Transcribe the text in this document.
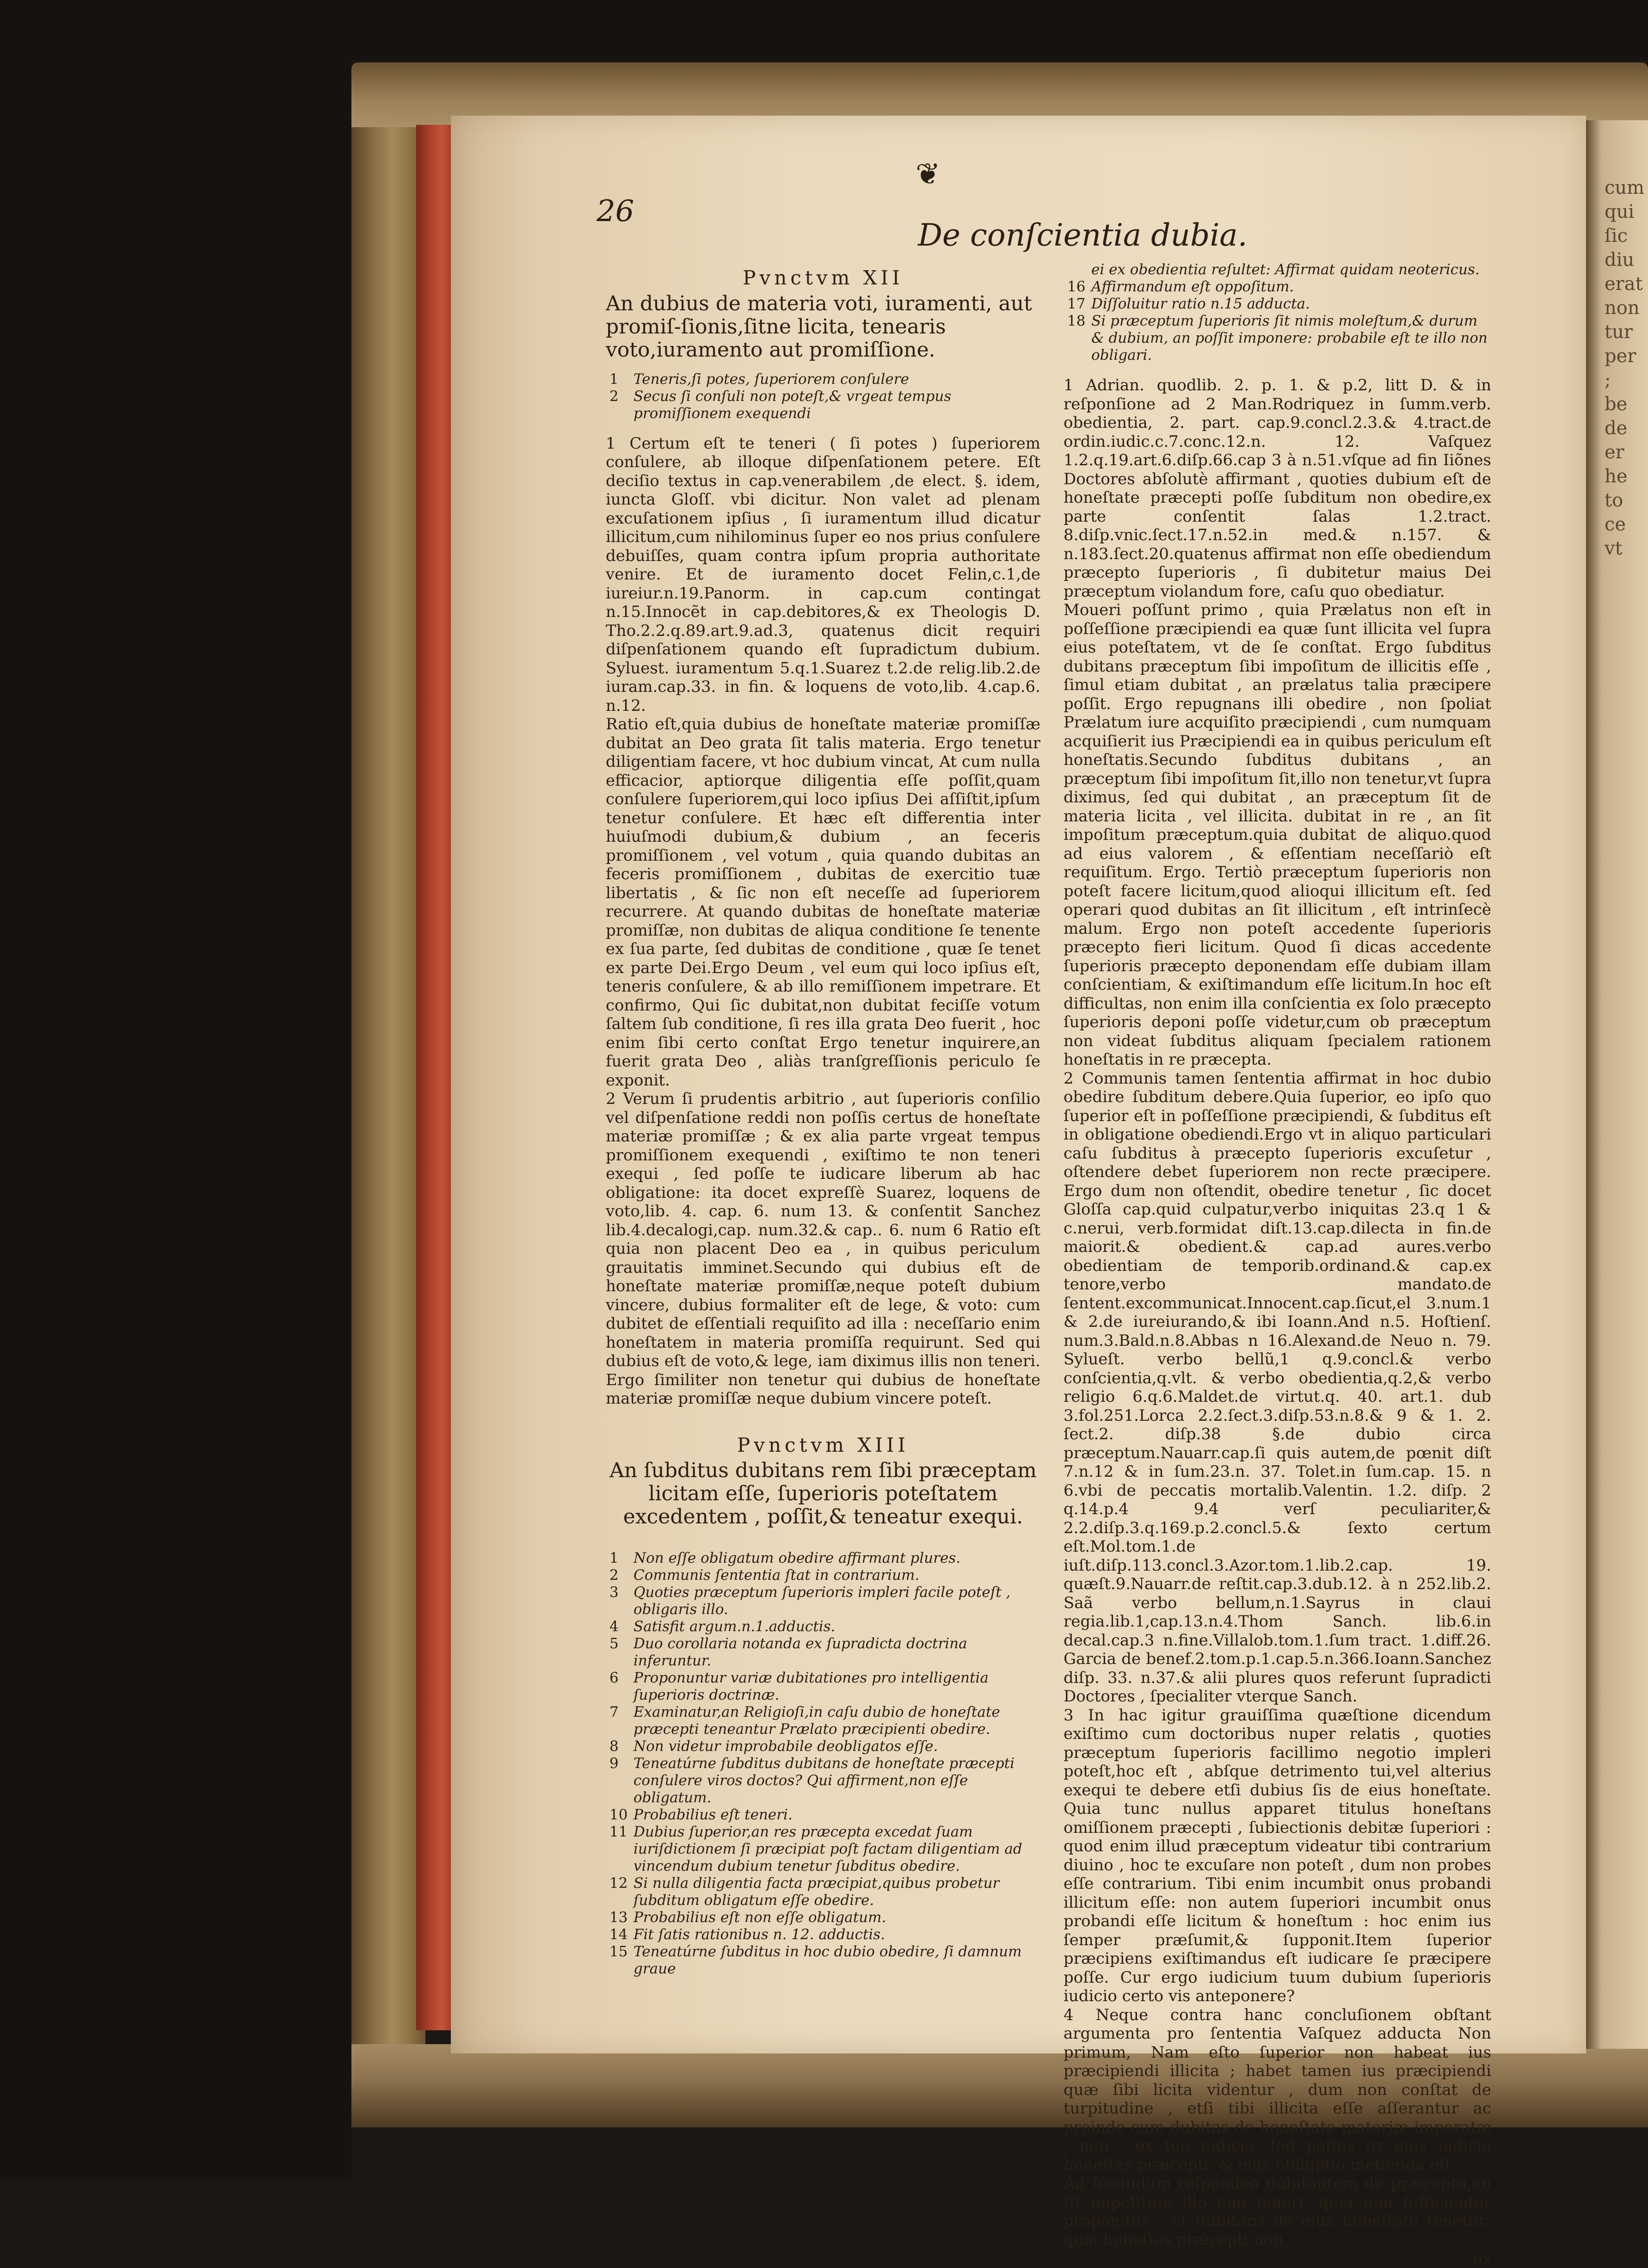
cum
qui
ſic
diu
erat
non
tur
per
;
be
de
er
he
to
ce
vt
❦
26
De conſcientia dubia.
Pvnctvm XII
An dubius de materia voti, iuramenti, aut promiſ-ſionis,ſitne licita, tenearis voto,iuramento aut promiſſione.

1 Teneris,ſi potes, ſuperiorem conſulere

2 Secus ſi conſuli non poteſt,& vrgeat tempus promiſſionem exequendi

1 Certum eſt te teneri ( ſi potes ) ſuperiorem conſulere, ab illoque diſpenſationem petere. Eſt deciſio textus in cap.venerabilem ,de elect. §. idem, iuncta Gloſſ. vbi dicitur. Non valet ad plenam excuſationem ipſius , ſi iuramentum illud dicatur illicitum,cum nihilominus ſuper eo nos prius conſulere debuiſſes, quam contra ipſum propria authoritate venire. Et de iuramento docet Felin,c.1,de iureiur.n.19.Panorm. in cap.cum contingat n.15.Innocẽt in cap.debitores,& ex Theologis D. Tho.2.2.q.89.art.9.ad.3, quatenus dicit requiri diſpenſationem quando eſt ſupradictum dubium. Syluest. iuramentum 5.q.1.Suarez t.2.de relig.lib.2.de iuram.cap.33. in fin. & loquens de voto,lib. 4.cap.6. n.12.

Ratio eſt,quia dubius de honeſtate materiæ promiſſæ dubitat an Deo grata ſit talis materia. Ergo tenetur diligentiam facere, vt hoc dubium vincat, At cum nulla efficacior, aptiorque diligentia eſſe poſſit,quam conſulere ſuperiorem,qui loco ipſius Dei aſſiſtit,ipſum tenetur conſulere. Et hæc eſt differentia inter huiuſmodi dubium,& dubium , an feceris promiſſionem , vel votum , quia quando dubitas an feceris promiſſionem , dubitas de exercitio tuæ libertatis , & ſic non eſt neceſſe ad ſuperiorem recurrere. At quando dubitas de honeſtate materiæ promiſſæ, non dubitas de aliqua conditione ſe tenente ex ſua parte, ſed dubitas de conditione , quæ ſe tenet ex parte Dei.Ergo Deum , vel eum qui loco ipſius eſt, teneris conſulere, & ab illo remiſſionem impetrare. Et confirmo, Qui ſic dubitat,non dubitat feciſſe votum ſaltem ſub conditione, ſi res illa grata Deo fuerit , hoc enim ſibi certo conſtat Ergo tenetur inquirere,an fuerit grata Deo , aliàs tranſgreſſionis periculo ſe exponit.

2 Verum ſi prudentis arbitrio , aut ſuperioris conſilio vel diſpenſatione reddi non poſſis certus de honeſtate materiæ promiſſæ ; & ex alia parte vrgeat tempus promiſſionem exequendi , exiſtimo te non teneri exequi , ſed poſſe te iudicare liberum ab hac obligatione: ita docet expreſſè Suarez, loquens de voto,lib. 4. cap. 6. num 13. & conſentit Sanchez lib.4.decalogi,cap. num.32.& cap.. 6. num 6 Ratio eſt quia non placent Deo ea , in quibus periculum grauitatis imminet.Secundo qui dubius eſt de honeſtate materiæ promiſſæ,neque poteſt dubium vincere, dubius formaliter eſt de lege, & voto: cum dubitet de eſſentiali requiſito ad illa : neceſſario enim honeſtatem in materia promiſſa requirunt. Sed qui dubius eſt de voto,& lege, iam diximus illis non teneri. Ergo ſimiliter non tenetur qui dubius de honeſtate materiæ promiſſæ neque dubium vincere poteſt.

Pvnctvm XIII
An ſubditus dubitans rem ſibi præceptam licitam eſſe, ſuperioris poteſtatem excedentem , poſſit,& teneatur exequi.

1 Non eſſe obligatum obedire affirmant plures.

2 Communis ſententia ſtat in contrarium.

3 Quoties præceptum ſuperioris impleri facile poteſt , obligaris illo.

4 Satisfit argum.n.1.adductis.

5 Duo corollaria notanda ex ſupradicta doctrina inferuntur.

6 Proponuntur variæ dubitationes pro intelligentia ſuperioris doctrinæ.

7 Examinatur,an Religioſi,in caſu dubio de honeſtate præcepti teneantur Prælato præcipienti obedire.

8 Non videtur improbabile deobligatos eſſe.

9 Teneatúrne ſubditus dubitans de honeſtate præcepti conſulere viros doctos? Qui affirment,non eſſe obligatum.

10 Probabilius eſt teneri.

11 Dubius ſuperior,an res præcepta excedat ſuam iuriſdictionem ſi præcipiat poſt factam diligentiam ad vincendum dubium tenetur ſubditus obedire.

12 Si nulla diligentia facta præcipiat,quibus probetur ſubditum obligatum eſſe obedire.

13 Probabilius eſt non eſſe obligatum.

14 Fit ſatis rationibus n. 12. adductis.

15 Teneatúrne ſubditus in hoc dubio obedire, ſi damnum graue

ei ex obedientia reſultet: Affirmat quidam neotericus.

16 Affirmandum eſt oppoſitum.

17 Diſſoluitur ratio n.15 adducta.

18 Si præceptum ſuperioris ſit nimis moleſtum,& durum & dubium, an poſſit imponere: probabile eſt te illo non obligari.

1 Adrian. quodlib. 2. p. 1. & p.2, litt D. & in reſponſione ad 2 Man.Rodriquez in ſumm.verb. obedientia, 2. part. cap.9.concl.2.3.& 4.tract.de ordin.iudic.c.7.conc.12.n. 12. Vaſquez 1.2.q.19.art.6.diſp.66.cap 3 à n.51.vſque ad fin Iiõnes Doctores abſolutè affirmant , quoties dubium eſt de honeſtate præcepti poſſe ſubditum non obedire,ex parte conſentit ſalas 1.2.tract. 8.diſp.vnic.ſect.17.n.52.in med.& n.157. & n.183.ſect.20.quatenus affirmat non eſſe obediendum præcepto ſuperioris , ſi dubitetur maius Dei præceptum violandum fore, caſu quo obediatur.

Moueri poſſunt primo , quia Prælatus non eſt in poſſeſſione præcipiendi ea quæ ſunt illicita vel ſupra eius poteſtatem, vt de ſe conſtat. Ergo ſubditus dubitans præceptum ſibi impoſitum de illicitis eſſe , ſimul etiam dubitat , an prælatus talia præcipere poſſit. Ergo repugnans illi obedire , non ſpoliat Prælatum iure acquiſito præcipiendi , cum numquam acquiſierit ius Præcipiendi ea in quibus periculum eſt honeſtatis.Secundo ſubditus dubitans , an præceptum ſibi impoſitum ſit,illo non tenetur,vt ſupra diximus, ſed qui dubitat , an præceptum ſit de materia licita , vel illicita. dubitat in re , an ſit impoſitum præceptum.quia dubitat de aliquo.quod ad eius valorem , & eſſentiam neceſſariò eſt requiſitum. Ergo. Tertiò præceptum ſuperioris non poteſt facere licitum,quod alioqui illicitum eſt. ſed operari quod dubitas an ſit illicitum , eſt intrinſecè malum. Ergo non poteſt accedente ſuperioris præcepto fieri licitum. Quod ſi dicas accedente ſuperioris præcepto deponendam eſſe dubiam illam conſcientiam, & exiſtimandum eſſe licitum.In hoc eſt difficultas, non enim illa conſcientia ex ſolo præcepto ſuperioris deponi poſſe videtur,cum ob præceptum non videat ſubditus aliquam ſpecialem rationem honeſtatis in re præcepta.

2 Communis tamen ſententia affirmat in hoc dubio obedire ſubditum debere.Quia ſuperior, eo ipſo quo ſuperior eſt in poſſeſſione præcipiendi, & ſubditus eſt in obligatione obediendi.Ergo vt in aliquo particulari caſu ſubditus à præcepto ſuperioris excuſetur , oſtendere debet ſuperiorem non recte præcipere. Ergo dum non oſtendit, obedire tenetur , ſic docet Gloſſa cap.quid culpatur,verbo iniquitas 23.q 1 & c.nerui, verb.formidat diſt.13.cap.dilecta in fin.de maiorit.& obedient.& cap.ad aures.verbo obedientiam de temporib.ordinand.& cap.ex tenore,verbo mandato.de ſentent.excommunicat.Innocent.cap.ſicut,el 3.num.1 & 2.de iureiurando,& ibi Ioann.And n.5. Hoſtienſ. num.3.Bald.n.8.Abbas n 16.Alexand.de Neuo n. 79. Sylueſt. verbo bellũ,1 q.9.concl.& verbo conſcientia,q.vlt. & verbo obedientia,q.2,& verbo religio 6.q.6.Maldet.de virtut.q. 40. art.1. dub 3.fol.251.Lorca 2.2.ſect.3.diſp.53.n.8.& 9 & 1. 2. ſect.2. diſp.38 §.de dubio circa præceptum.Nauarr.cap.ſi quis autem,de pœnit diſt 7.n.12 & in ſum.23.n. 37. Tolet.in ſum.cap. 15. n 6.vbi de peccatis mortalib.Valentin. 1.2. diſp. 2 q.14.p.4 9.4 verſ peculiariter,& 2.2.diſp.3.q.169.p.2.concl.5.& ſexto certum eſt.Mol.tom.1.de iuſt.diſp.113.concl.3.Azor.tom.1.lib.2.cap. 19. quæſt.9.Nauarr.de reſtit.cap.3.dub.12. à n 252.lib.2. Saã verbo bellum,n.1.Sayrus in claui regia.lib.1,cap.13.n.4.Thom Sanch. lib.6.in decal.cap.3 n.fine.Villalob.tom.1.ſum tract. 1.diff.26. Garcia de benef.2.tom.p.1.cap.5.n.366.Ioann.Sanchez diſp. 33. n.37.& alii plures quos referunt ſupradicti Doctores , ſpecialiter vterque Sanch.

3 In hac igitur grauiſſima quæſtione dicendum exiſtimo cum doctoribus nuper relatis , quoties præceptum ſuperioris facillimo negotio impleri poteſt,hoc eſt , abſque detrimento tui,vel alterius exequi te debere etſi dubius ſis de eius honeſtate. Quia tunc nullus apparet titulus honeſtans omiſſionem præcepti , ſubiectionis debitæ ſuperiori : quod enim illud præceptum videatur tibi contrarium diuino , hoc te excuſare non poteſt , dum non probes eſſe contrarium. Tibi enim incumbit onus probandi illicitum eſſe: non autem ſuperiori incumbit onus probandi eſſe licitum & honeſtum : hoc enim ius ſemper præſumit,& ſupponit.Item ſuperior præcipiens exiſtimandus eſt iudicare ſe præcipere poſſe. Cur ergo iudicium tuum dubium ſuperioris iudicio certo vis anteponere?

4 Neque contra hanc concluſionem obſtant argumenta pro ſententia Vaſquez adducta Non primum, Nam eſto ſuperior non habeat ius præcipiendi illicita ; habet tamen ius præcipiendi quæ ſibi licita videntur , dum non conſtat de turpitudine , etſi tibi illicita eſſe aſſerantur ac proinde cum dubitas de honeſtate materiæ imperatæ , non , ex tuo iudicio, ſed potius ex eius iudicio honeſtas præcepti, & eius obligatio metienda eſt

Ad ſecundum reſpondeo dubitantem de præcepto,an ſit impoſitum illo non teneri, quia non ſufficienter proponitur : at dubitans de eius honeſtate tenetur: quia honeſtas præcepti non

ex
